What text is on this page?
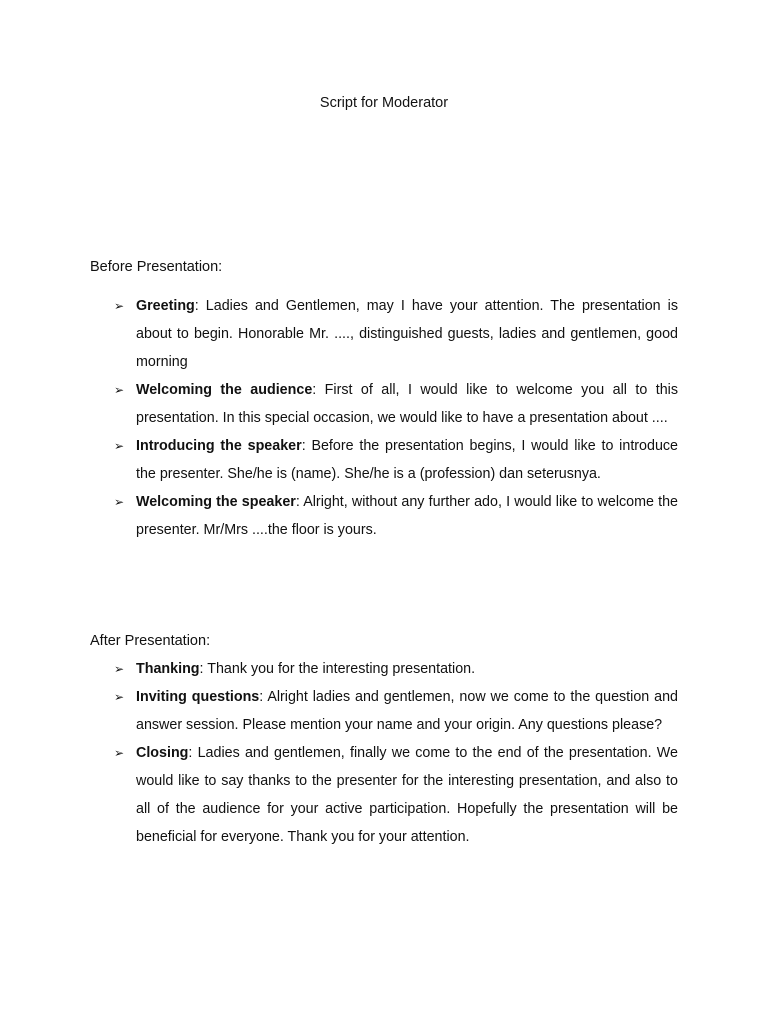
Script for Moderator
Before Presentation:
➢ Greeting: Ladies and Gentlemen, may I have your attention. The presentation is about to begin. Honorable Mr. ...., distinguished guests, ladies and gentlemen, good morning
➢ Welcoming the audience: First of all, I would like to welcome you all to this presentation. In this special occasion, we would like to have a presentation about ....
➢ Introducing the speaker: Before the presentation begins, I would like to introduce the presenter. She/he is (name). She/he is a (profession) dan seterusnya.
➢ Welcoming the speaker: Alright, without any further ado, I would like to welcome the presenter. Mr/Mrs ....the floor is yours.
After Presentation:
➢ Thanking: Thank you for the interesting presentation.
➢ Inviting questions: Alright ladies and gentlemen, now we come to the question and answer session. Please mention your name and your origin. Any questions please?
➢ Closing: Ladies and gentlemen, finally we come to the end of the presentation. We would like to say thanks to the presenter for the interesting presentation, and also to all of the audience for your active participation. Hopefully the presentation will be beneficial for everyone. Thank you for your attention.
